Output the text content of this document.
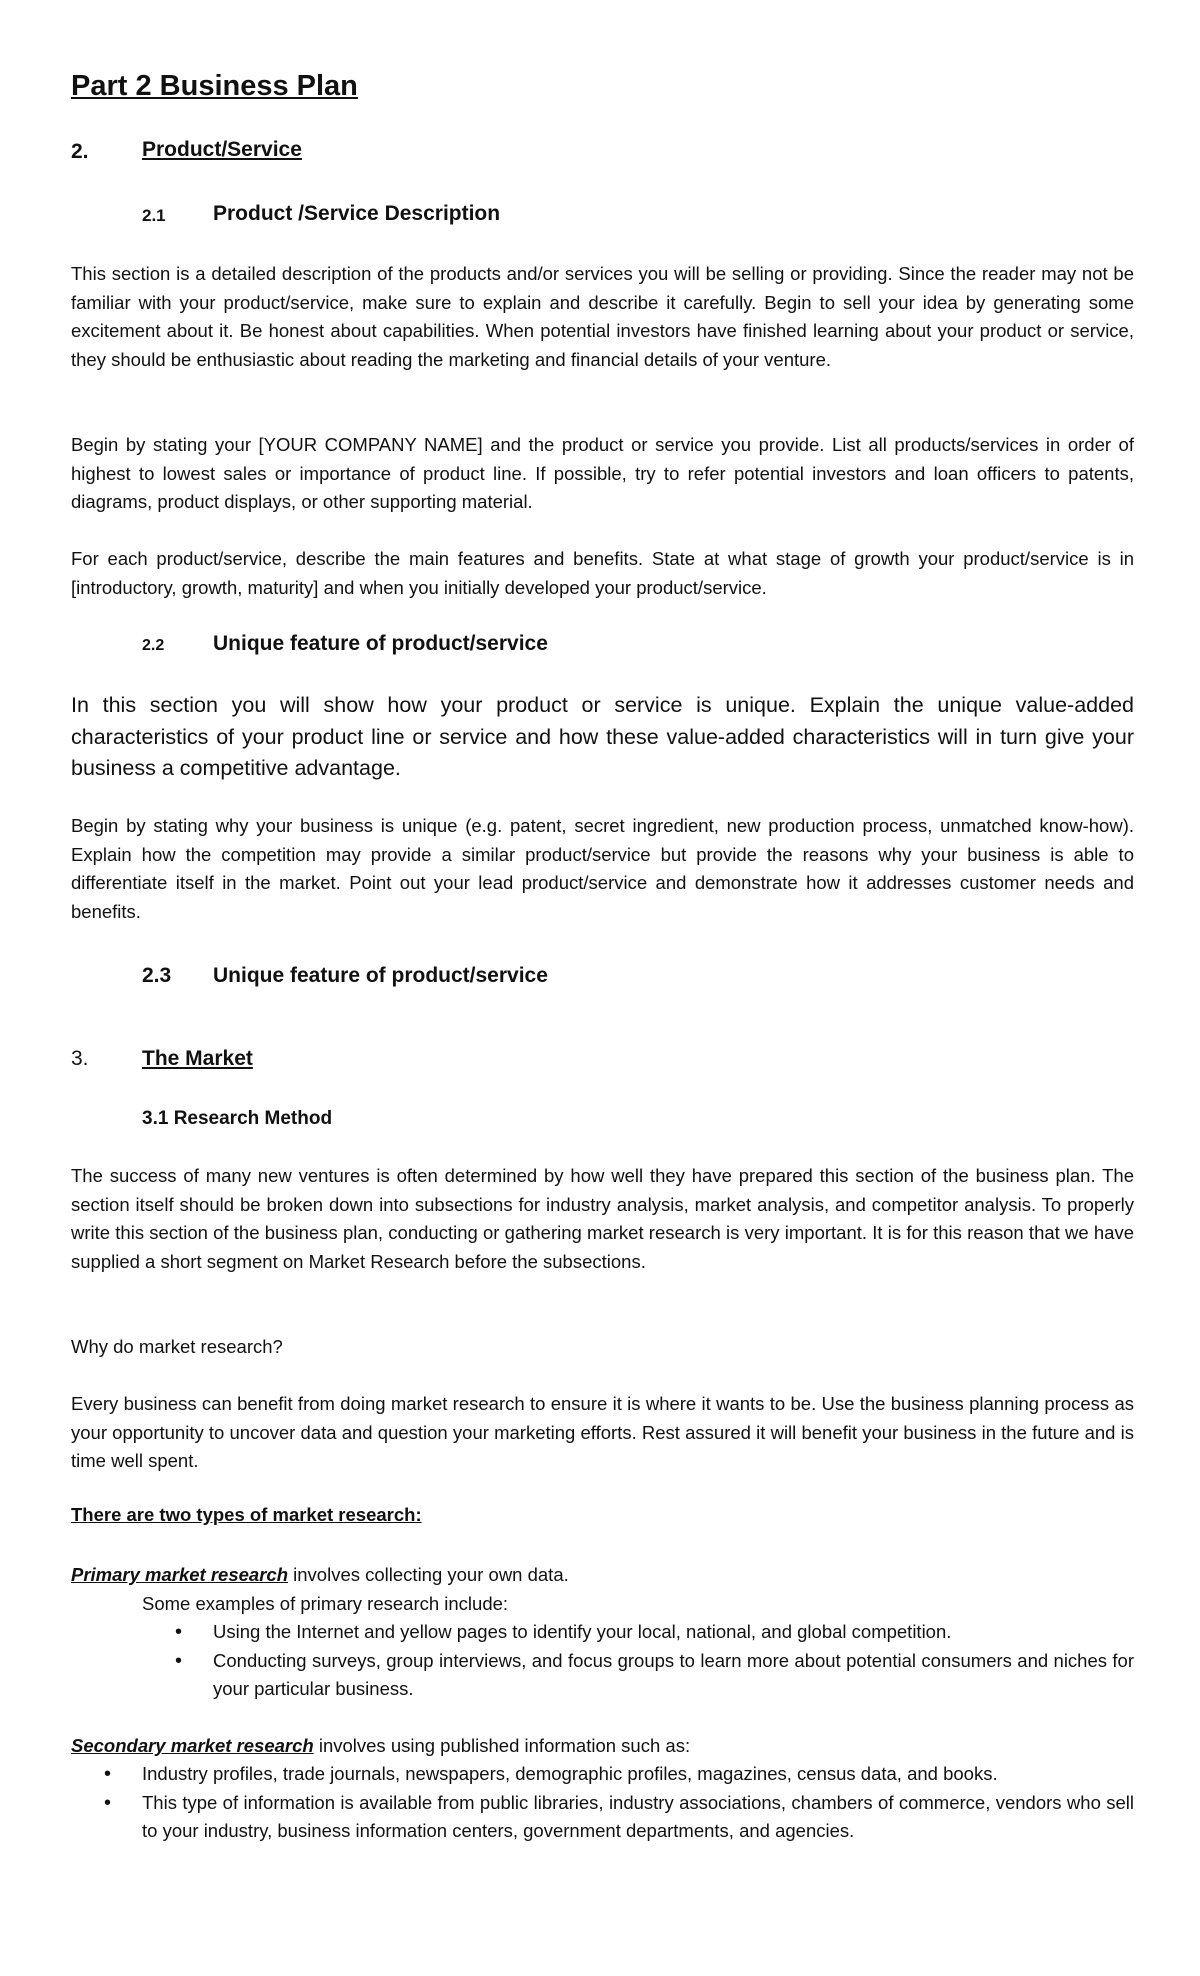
Part 2 Business Plan
2.	Product/Service
2.1 Product /Service Description

This section is a detailed description of the products and/or services you will be selling or providing. Since the reader may not be familiar with your product/service, make sure to explain and describe it carefully. Begin to sell your idea by generating some excitement about it. Be honest about capabilities. When potential investors have finished learning about your product or service, they should be enthusiastic about reading the marketing and financial details of your venture.

Begin by stating your [YOUR COMPANY NAME] and the product or service you provide. List all products/services in order of highest to lowest sales or importance of product line. If possible, try to refer potential investors and loan officers to patents, diagrams, product displays, or other supporting material.

For each product/service, describe the main features and benefits. State at what stage of growth your product/service is in [introductory, growth, maturity] and when you initially developed your product/service.

2.2 Unique feature of product/service

In this section you will show how your product or service is unique. Explain the unique value-added characteristics of your product line or service and how these value-added characteristics will in turn give your business a competitive advantage.

Begin by stating why your business is unique (e.g. patent, secret ingredient, new production process, unmatched know-how). Explain how the competition may provide a similar product/service but provide the reasons why your business is able to differentiate itself in the market. Point out your lead product/service and demonstrate how it addresses customer needs and benefits.

2.3 Unique feature of product/service
3.	The Market
3.1 Research Method

The success of many new ventures is often determined by how well they have prepared this section of the business plan. The section itself should be broken down into subsections for industry analysis, market analysis, and competitor analysis. To properly write this section of the business plan, conducting or gathering market research is very important. It is for this reason that we have supplied a short segment on Market Research before the subsections.

Why do market research?

Every business can benefit from doing market research to ensure it is where it wants to be. Use the business planning process as your opportunity to uncover data and question your marketing efforts. Rest assured it will benefit your business in the future and is time well spent.

There are two types of market research:
Primary market research involves collecting your own data.
Some examples of primary research include:
• Using the Internet and yellow pages to identify your local, national, and global competition.
• Conducting surveys, group interviews, and focus groups to learn more about potential consumers and niches for your particular business.
Secondary market research involves using published information such as:
• Industry profiles, trade journals, newspapers, demographic profiles, magazines, census data, and books.
• This type of information is available from public libraries, industry associations, chambers of commerce, vendors who sell to your industry, business information centers, government departments, and agencies.
